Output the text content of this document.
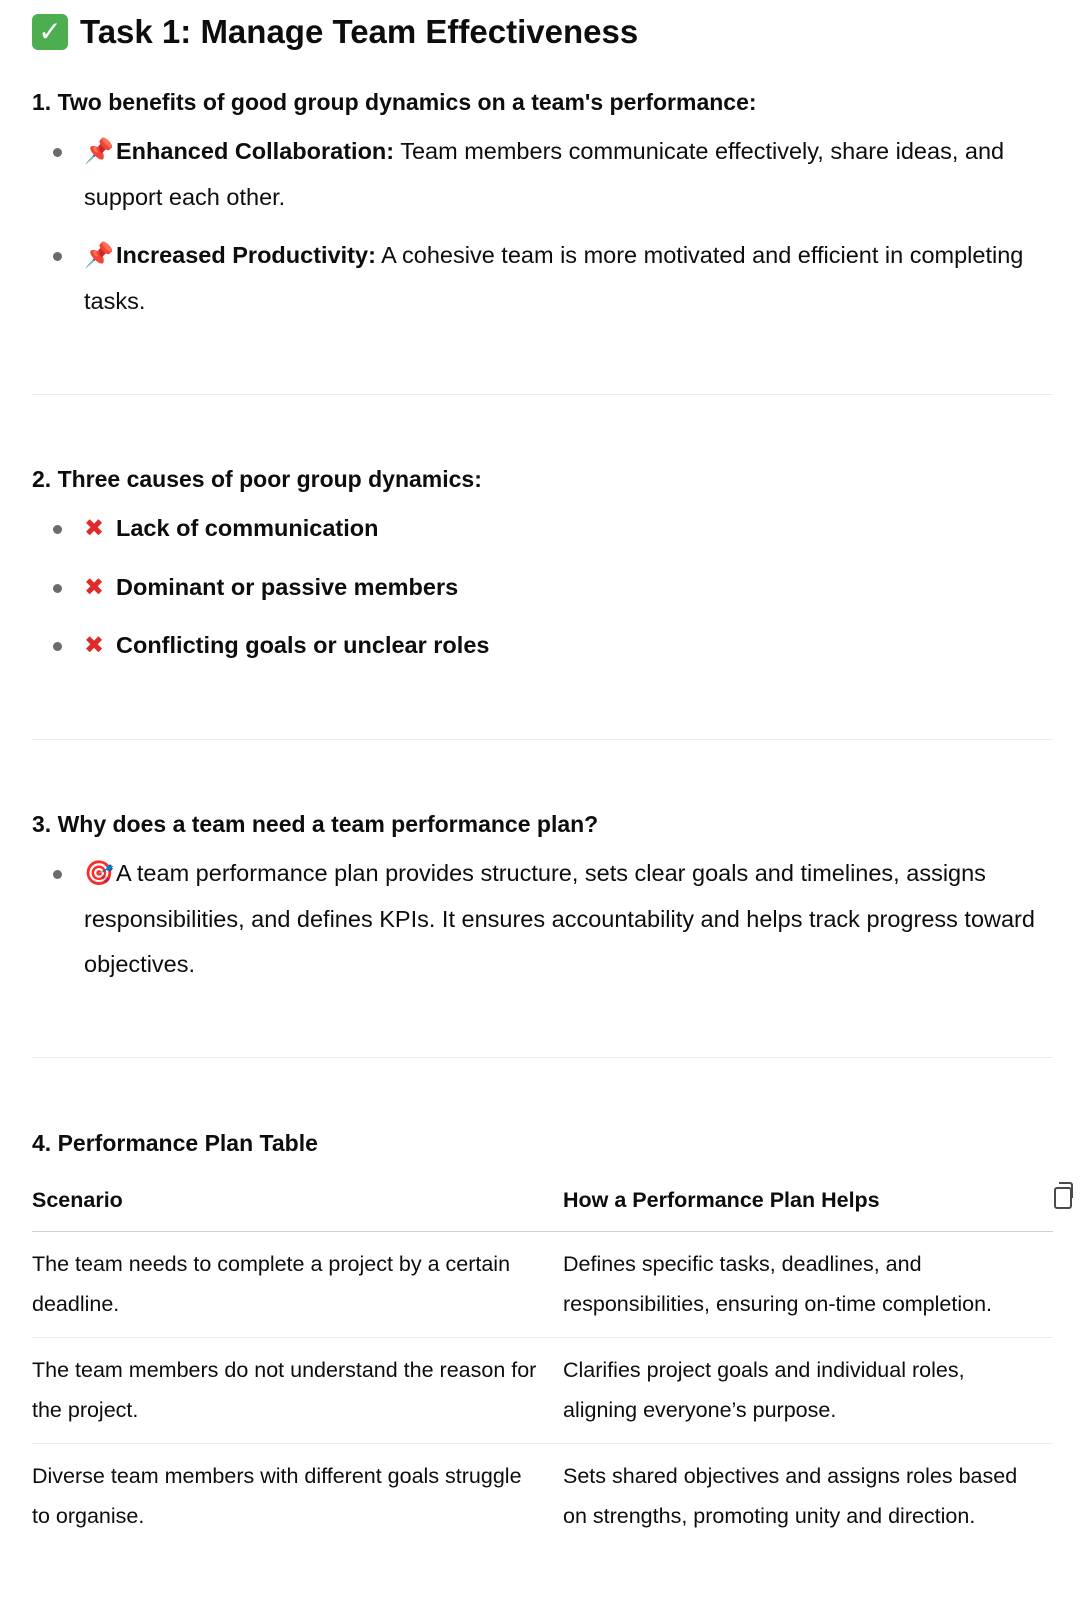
✓ Task 1: Manage Team Effectiveness
1. Two benefits of good group dynamics on a team's performance:
📌Enhanced Collaboration: Team members communicate effectively, share ideas, and support each other.
📌Increased Productivity: A cohesive team is more motivated and efficient in completing tasks.
2. Three causes of poor group dynamics:
✖ Lack of communication
✖ Dominant or passive members
✖ Conflicting goals or unclear roles
3. Why does a team need a team performance plan?
🎯A team performance plan provides structure, sets clear goals and timelines, assigns responsibilities, and defines KPIs. It ensures accountability and helps track progress toward objectives.
4. Performance Plan Table
Scenario	How a Performance Plan Helps
The team needs to complete a project by a certain deadline.	Defines specific tasks, deadlines, and responsibilities, ensuring on-time completion.
The team members do not understand the reason for the project.	Clarifies project goals and individual roles, aligning everyone’s purpose.
Diverse team members with different goals struggle to organise.	Sets shared objectives and assigns roles based on strengths, promoting unity and direction.
